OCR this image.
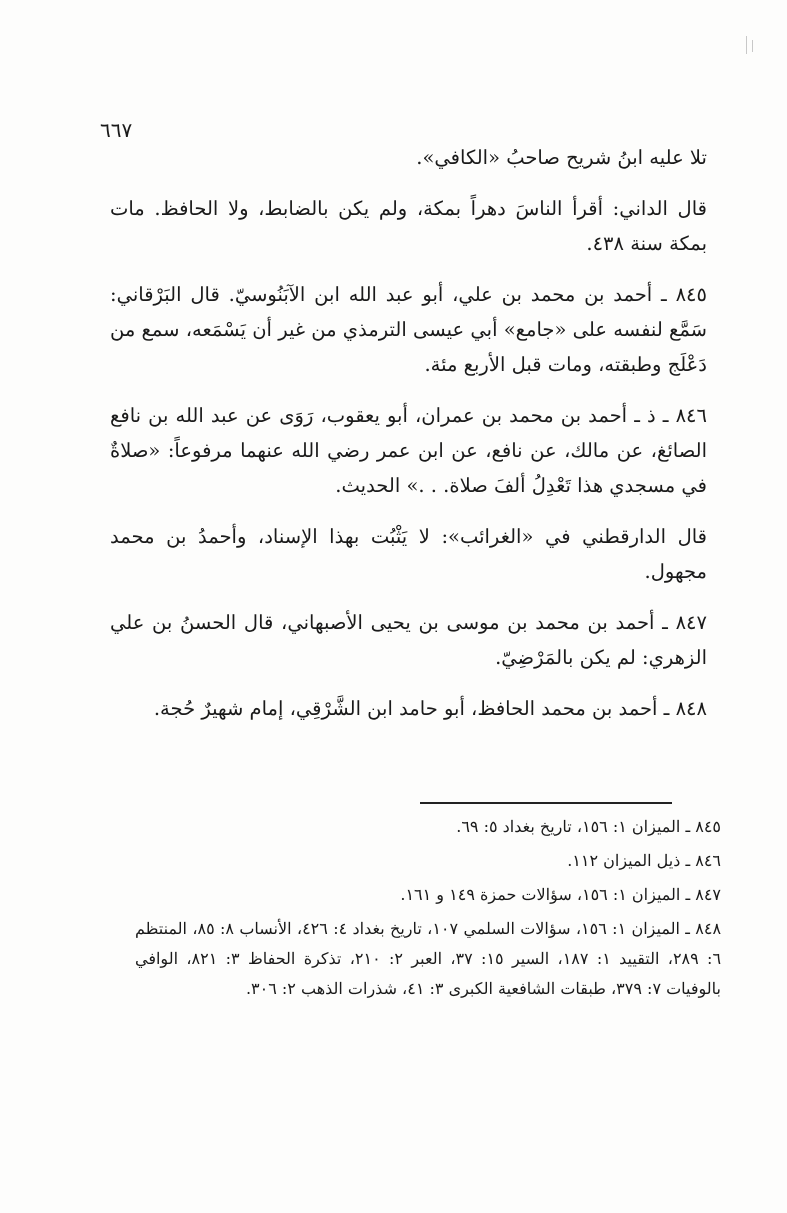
٦٦٧

تلا عليه ابنُ شريح صاحبُ «الكافي».

قال الداني: أقرأ الناسَ دهراً بمكة، ولم يكن بالضابط، ولا الحافظ. مات بمكة سنة ٤٣٨.

٨٤٥ ـ أحمد بن محمد بن علي، أبو عبد الله ابن الآبَنُوسيّ. قال البَرْقاني: سَمَّع لنفسه على «جامع» أبي عيسى الترمذي من غير أن يَسْمَعه، سمع من دَعْلَج وطبقته، ومات قبل الأربع مئة.

٨٤٦ ـ ذ ـ أحمد بن محمد بن عمران، أبو يعقوب، رَوَى عن عبد الله بن نافع الصائغ، عن مالك، عن نافع، عن ابن عمر رضي الله عنهما مرفوعاً: «صلاةٌ في مسجدي هذا تَعْدِلُ ألفَ صلاة. . .» الحديث.

قال الدارقطني في «الغرائب»: لا يَثْبُت بهذا الإسناد، وأحمدُ بن محمد مجهول.

٨٤٧ ـ أحمد بن محمد بن موسى بن يحيى الأصبهاني، قال الحسنُ بن علي الزهري: لم يكن بالمَرْضِيّ.

٨٤٨ ـ أحمد بن محمد الحافظ، أبو حامد ابن الشَّرْقِي، إمام شهيرٌ حُجة.

٨٤٥ ـ الميزان ١: ١٥٦، تاريخ بغداد ٥: ٦٩.

٨٤٦ ـ ذيل الميزان ١١٢.

٨٤٧ ـ الميزان ١: ١٥٦، سؤالات حمزة ١٤٩ و ١٦١.

٨٤٨ ـ الميزان ١: ١٥٦، سؤالات السلمي ١٠٧، تاريخ بغداد ٤: ٤٢٦، الأنساب ٨: ٨٥، المنتظم ٦: ٢٨٩، التقييد ١: ١٨٧، السير ١٥: ٣٧، العبر ٢: ٢١٠، تذكرة الحفاظ ٣: ٨٢١، الوافي بالوفيات ٧: ٣٧٩، طبقات الشافعية الكبرى ٣: ٤١، شذرات الذهب ٢: ٣٠٦.
